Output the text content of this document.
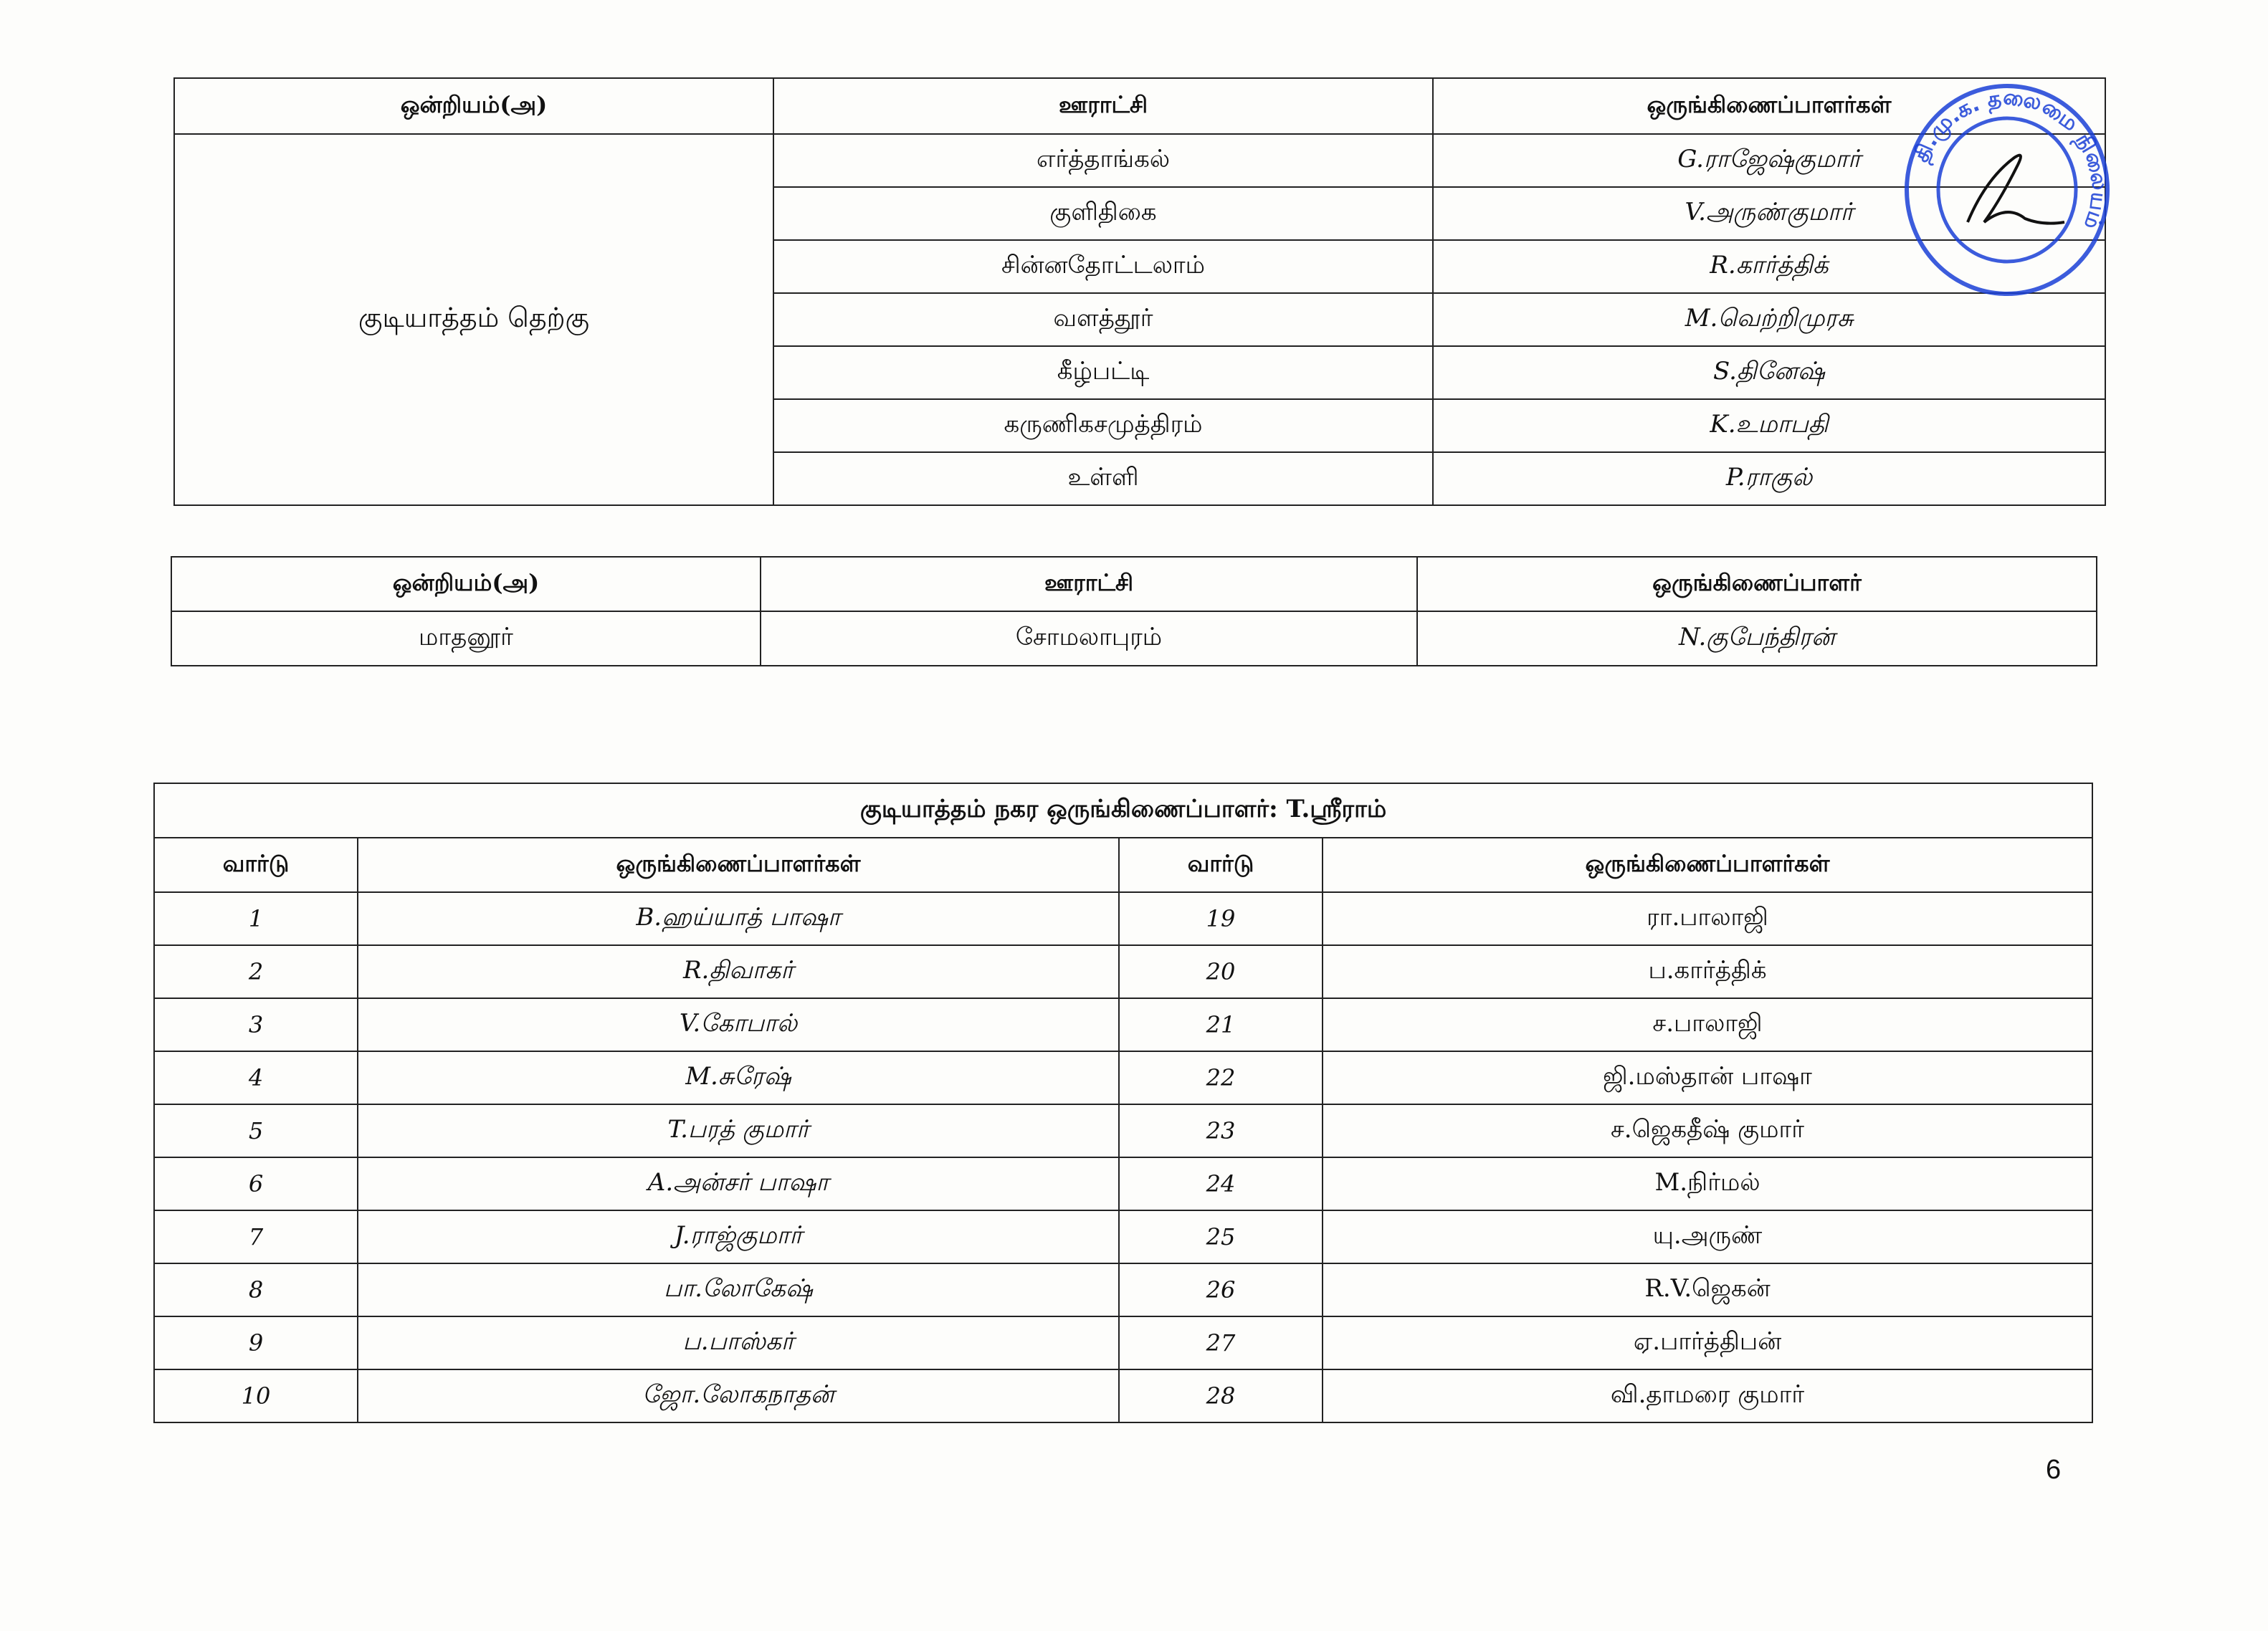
ஒன்றியம்(அ)	ஊராட்சி	ஒருங்கிணைப்பாளர்கள்
குடியாத்தம் தெற்கு	எர்த்தாங்கல்	G.ராஜேஷ்குமார்
	குளிதிகை	V.அருண்குமார்
	சின்னதோட்டலாம்	R.கார்த்திக்
	வளத்தூர்	M.வெற்றிமுரசு
	கீழ்பட்டி	S.தினேஷ்
	கருணிகசமுத்திரம்	K.உமாபதி
	உள்ளி	P.ராகுல்
ஒன்றியம்(அ)	ஊராட்சி	ஒருங்கிணைப்பாளர்
மாதனூர்	சோமலாபுரம்	N.குபேந்திரன்
குடியாத்தம் நகர ஒருங்கிணைப்பாளர்: T.ஸ்ரீராம்			
வார்டு	ஒருங்கிணைப்பாளர்கள்	வார்டு	ஒருங்கிணைப்பாளர்கள்
1	B.ஹய்யாத் பாஷா	19	ரா.பாலாஜி
2	R.திவாகர்	20	ப.கார்த்திக்
3	V.கோபால்	21	ச.பாலாஜி
4	M.சுரேஷ்	22	ஜி.மஸ்தான் பாஷா
5	T.பரத் குமார்	23	ச.ஜெகதீஷ் குமார்
6	A.அன்சர் பாஷா	24	M.நிர்மல்
7	J.ராஜ்குமார்	25	யு.அருண்
8	பா.லோகேஷ்	26	R.V.ஜெகன்
9	ப.பாஸ்கர்	27	ஏ.பார்த்திபன்
10	ஜோ.லோகநாதன்	28	வி.தாமரை குமார்
தி.மு.க. தலைமை நிலையம்
6
